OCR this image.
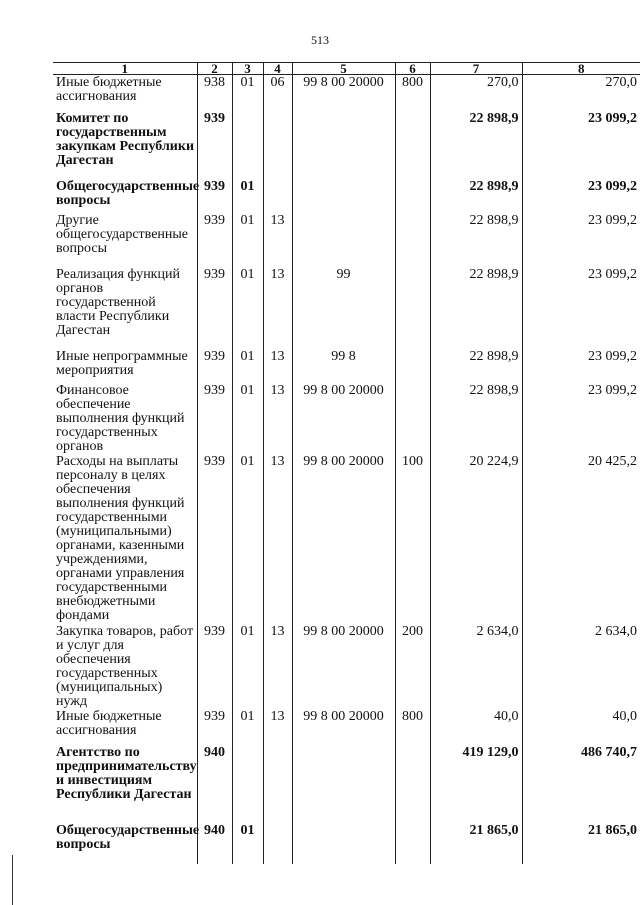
513
1	2	3	4	5	6	7	8
Иные бюджетные ассигнования	938	01	06	99 8 00 20000	800	270,0	270,0
Комитет по государственным закупкам Республики Дагестан	939					22 898,9	23 099,2
Общегосударственные вопросы	939	01				22 898,9	23 099,2
Другие общегосударственные вопросы	939	01	13			22 898,9	23 099,2
Реализация функций органов государственной власти Республики Дагестан	939	01	13	99		22 898,9	23 099,2
Иные непрограммные мероприятия	939	01	13	99 8		22 898,9	23 099,2
Финансовое обеспечение выполнения функций государственных органов	939	01	13	99 8 00 20000		22 898,9	23 099,2
Расходы на выплаты персоналу в целях обеспечения выполнения функций государственными (муниципальными) органами, казенными учреждениями, органами управления государственными внебюджетными фондами	939	01	13	99 8 00 20000	100	20 224,9	20 425,2
Закупка товаров, работ и услуг для обеспечения государственных (муниципальных) нужд	939	01	13	99 8 00 20000	200	2 634,0	2 634,0
Иные бюджетные ассигнования	939	01	13	99 8 00 20000	800	40,0	40,0
Агентство по предпринимательству и инвестициям Республики Дагестан	940					419 129,0	486 740,7
Общегосударственные вопросы	940	01				21 865,0	21 865,0
